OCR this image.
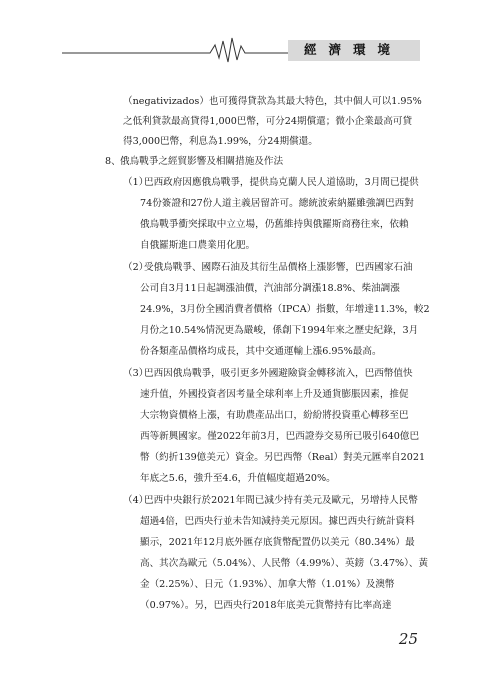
經濟環境
（negativizados）也可獲得貸款為其最大特色，其中個人可以1.95%
之低利貸款最高貸得1,000巴幣，可分24期償還；微小企業最高可貸
得3,000巴幣，利息為1.99%，分24期償還。
8、 俄烏戰爭之經貿影響及相關措施及作法
（1）
巴西政府因應俄烏戰爭，提供烏克蘭人民人道協助，3月間已提供
74份簽證和27份人道主義居留許可。總統波索納羅雖強調巴西對
俄烏戰爭衝突採取中立立場，仍舊維持與俄羅斯商務往來，依賴
自俄羅斯進口農業用化肥。
（2）
受俄烏戰爭、國際石油及其衍生品價格上漲影響，巴西國家石油
公司自3月11日起調漲油價，汽油部分調漲18.8%、柴油調漲
24.9%，3月份全國消費者價格（IPCA）指數，年增達11.3%，較2
月份之10.54%情況更為嚴峻，係創下1994年來之歷史紀錄，3月
份各類產品價格均成長，其中交通運輸上漲6.95%最高。
（3）
巴西因俄烏戰爭，吸引更多外國避險資金轉移流入，巴西幣值快
速升值，外國投資者因考量全球利率上升及通貨膨脹因素，推促
大宗物資價格上漲，有助農產品出口，紛紛將投資重心轉移至巴
西等新興國家。僅2022年前3月，巴西證券交易所已吸引640億巴
幣（約折139億美元）資金。另巴西幣（Real）對美元匯率自2021
年底之5.6，強升至4.6，升值幅度超過20%。
（4）
巴西中央銀行於2021年間已減少持有美元及歐元，另增持人民幣
超過4倍，巴西央行並未告知減持美元原因。據巴西央行統計資料
顯示，2021年12月底外匯存底貨幣配置仍以美元（80.34%）最
高、其次為歐元（5.04%）、人民幣（4.99%）、英鎊（3.47%）、黃
金（2.25%）、日元（1.93%）、加拿大幣（1.01%）及澳幣
（0.97%）。另，巴西央行2018年底美元貨幣持有比率高達
25
